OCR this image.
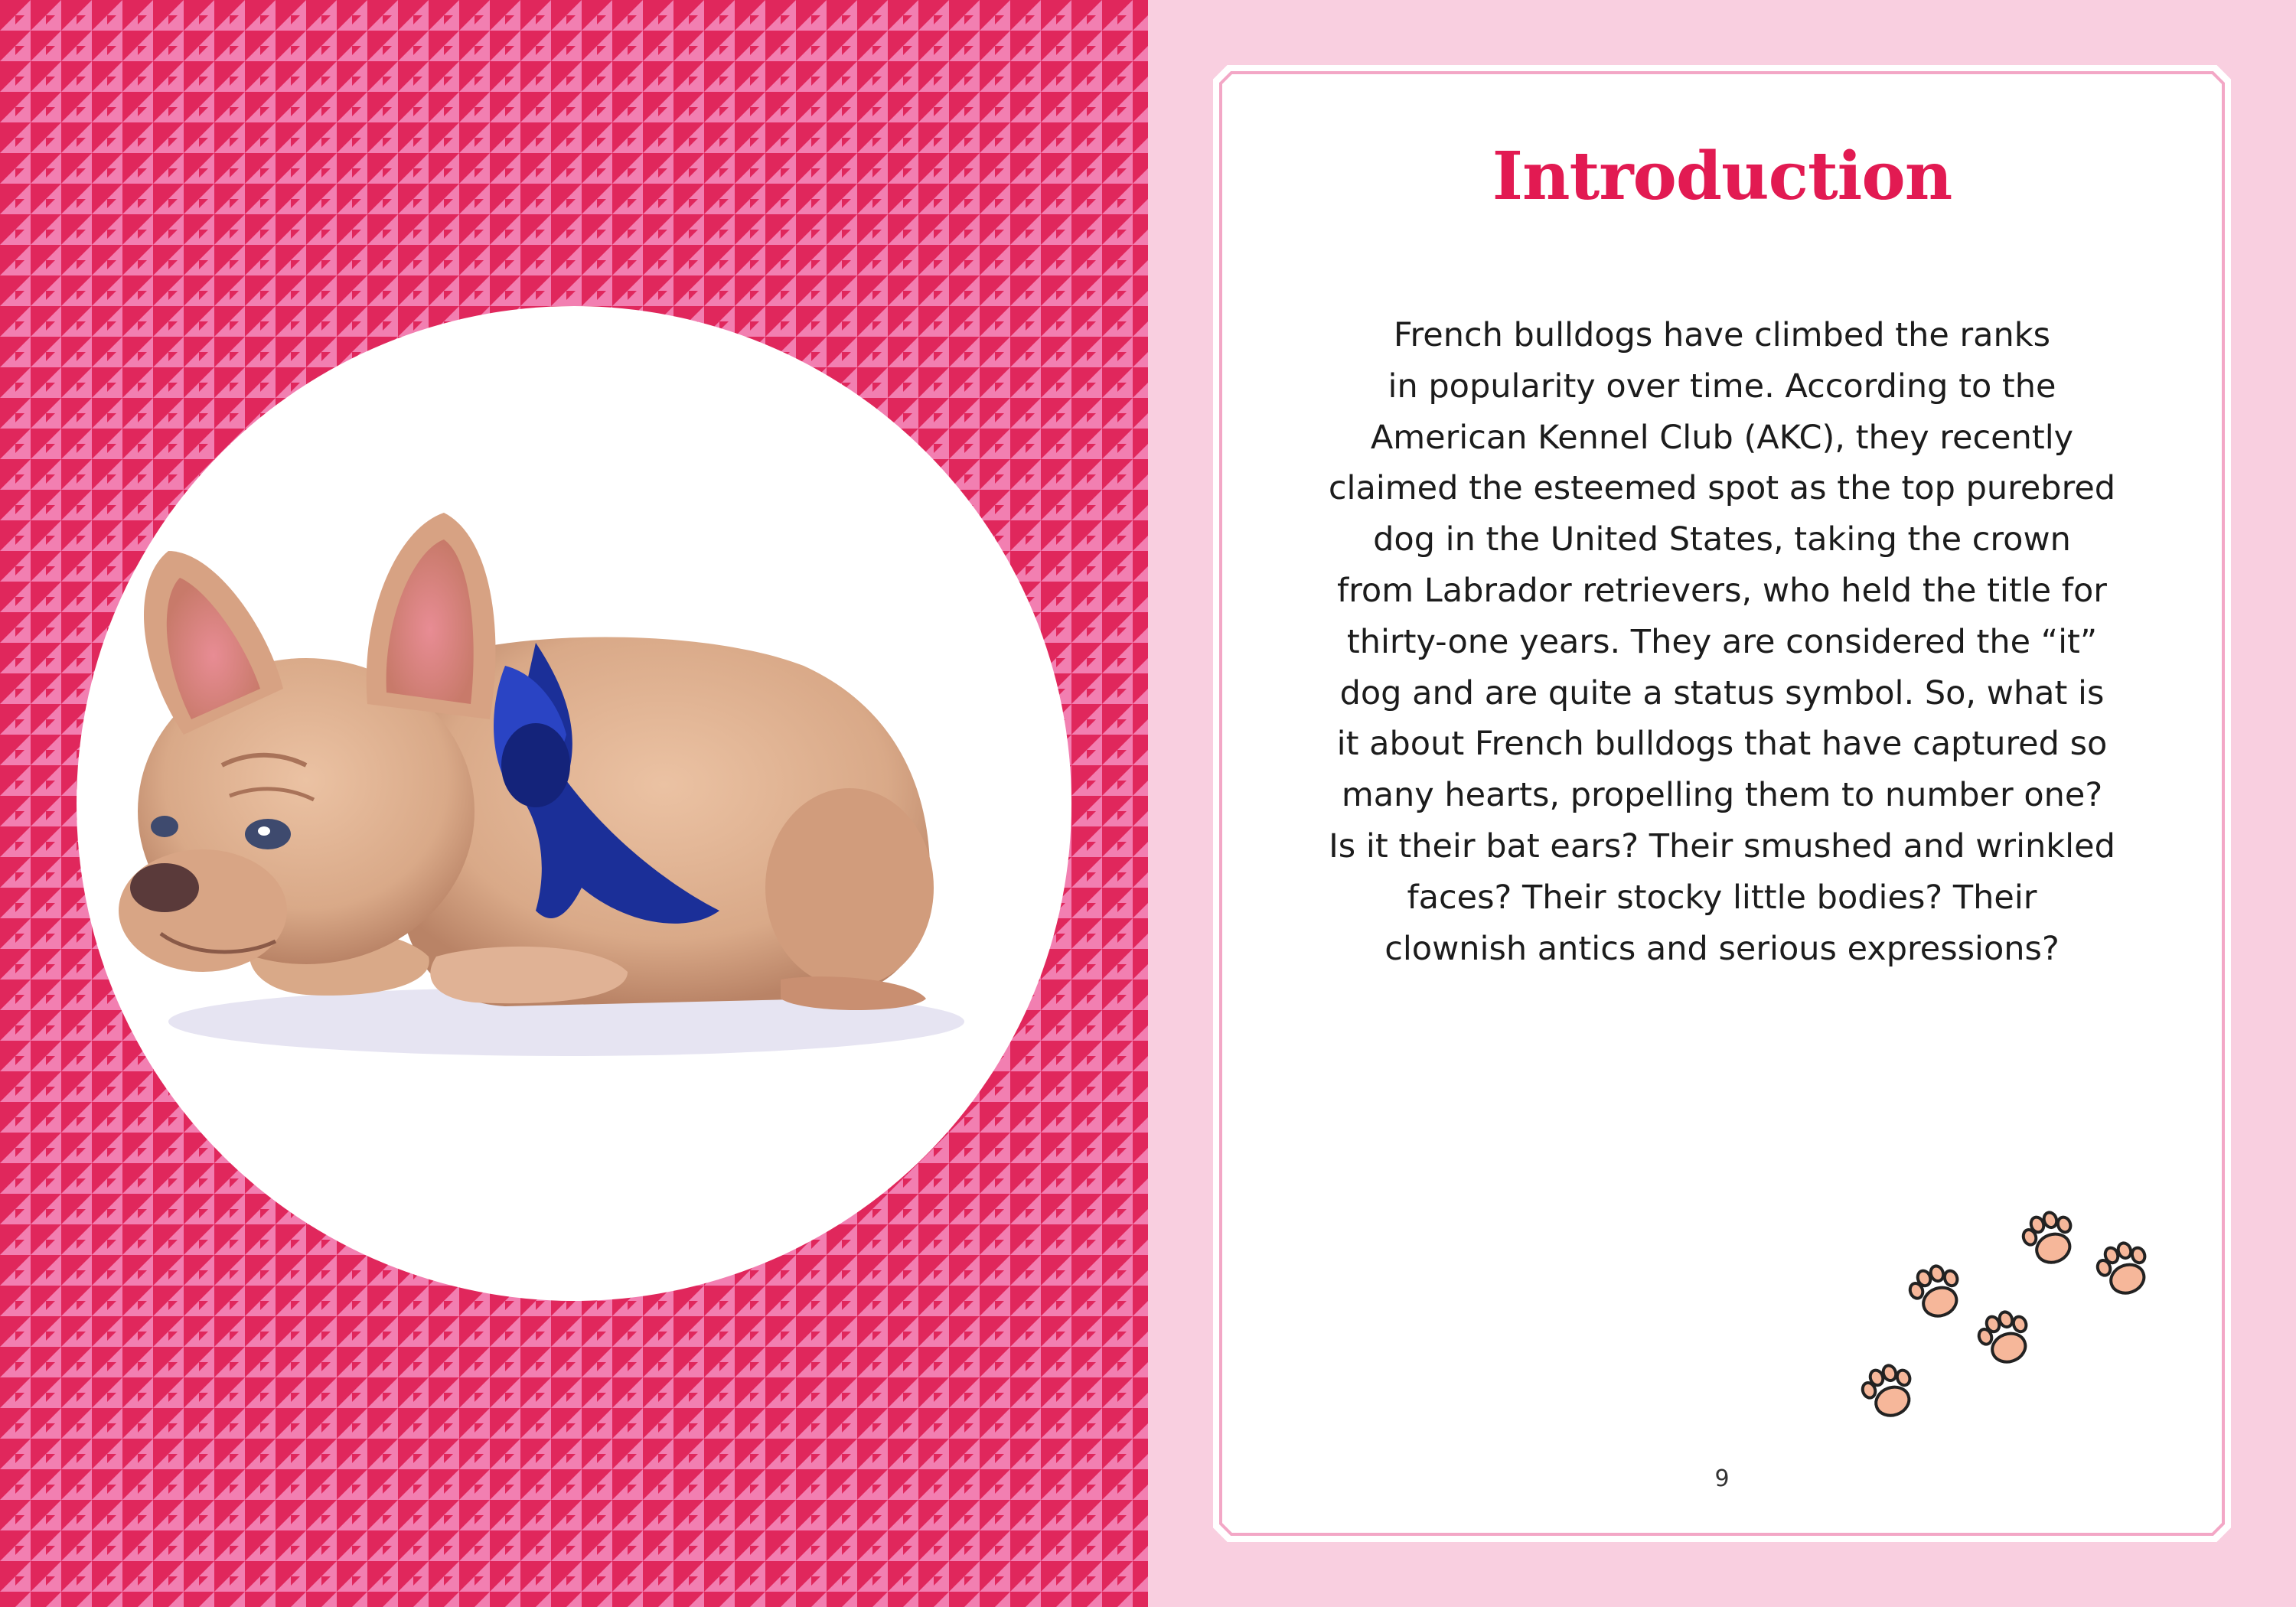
Introduction

French bulldogs have climbed the ranks
in popularity over time. According to the
American Kennel Club (AKC), they recently
claimed the esteemed spot as the top purebred
dog in the United States, taking the crown
from Labrador retrievers, who held the title for
thirty-one years. They are considered the “it”
dog and are quite a status symbol. So, what is
it about French bulldogs that have captured so
many hearts, propelling them to number one?
Is it their bat ears? Their smushed and wrinkled
faces? Their stocky little bodies? Their
clownish antics and serious expressions?

9
